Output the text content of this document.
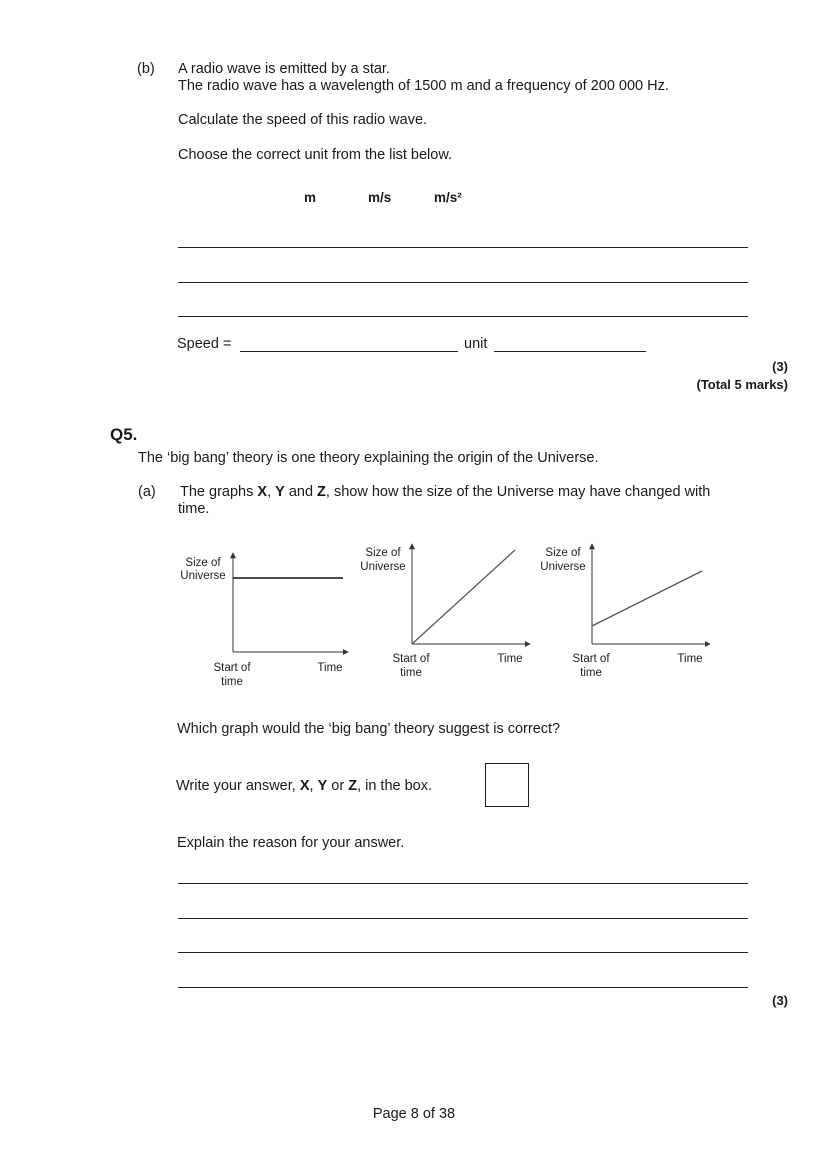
(b) A radio wave is emitted by a star.
The radio wave has a wavelength of 1500 m and a frequency of 200 000 Hz.
Calculate the speed of this radio wave.
Choose the correct unit from the list below.
m	m/s	m/s²
Speed =	unit
(3)
(Total 5 marks)
Q5.
The ‘big bang’ theory is one theory explaining the origin of the Universe.
(a) The graphs X, Y and Z, show how the size of the Universe may have changed with
time.
Size of
Universe
Start of
time
Time
Size of
Universe
Start of
time
Time
Size of
Universe
Start of
time
Time
Which graph would the ‘big bang’ theory suggest is correct?
Write your answer, X, Y or Z, in the box.
Explain the reason for your answer.
(3)
Page 8 of 38
